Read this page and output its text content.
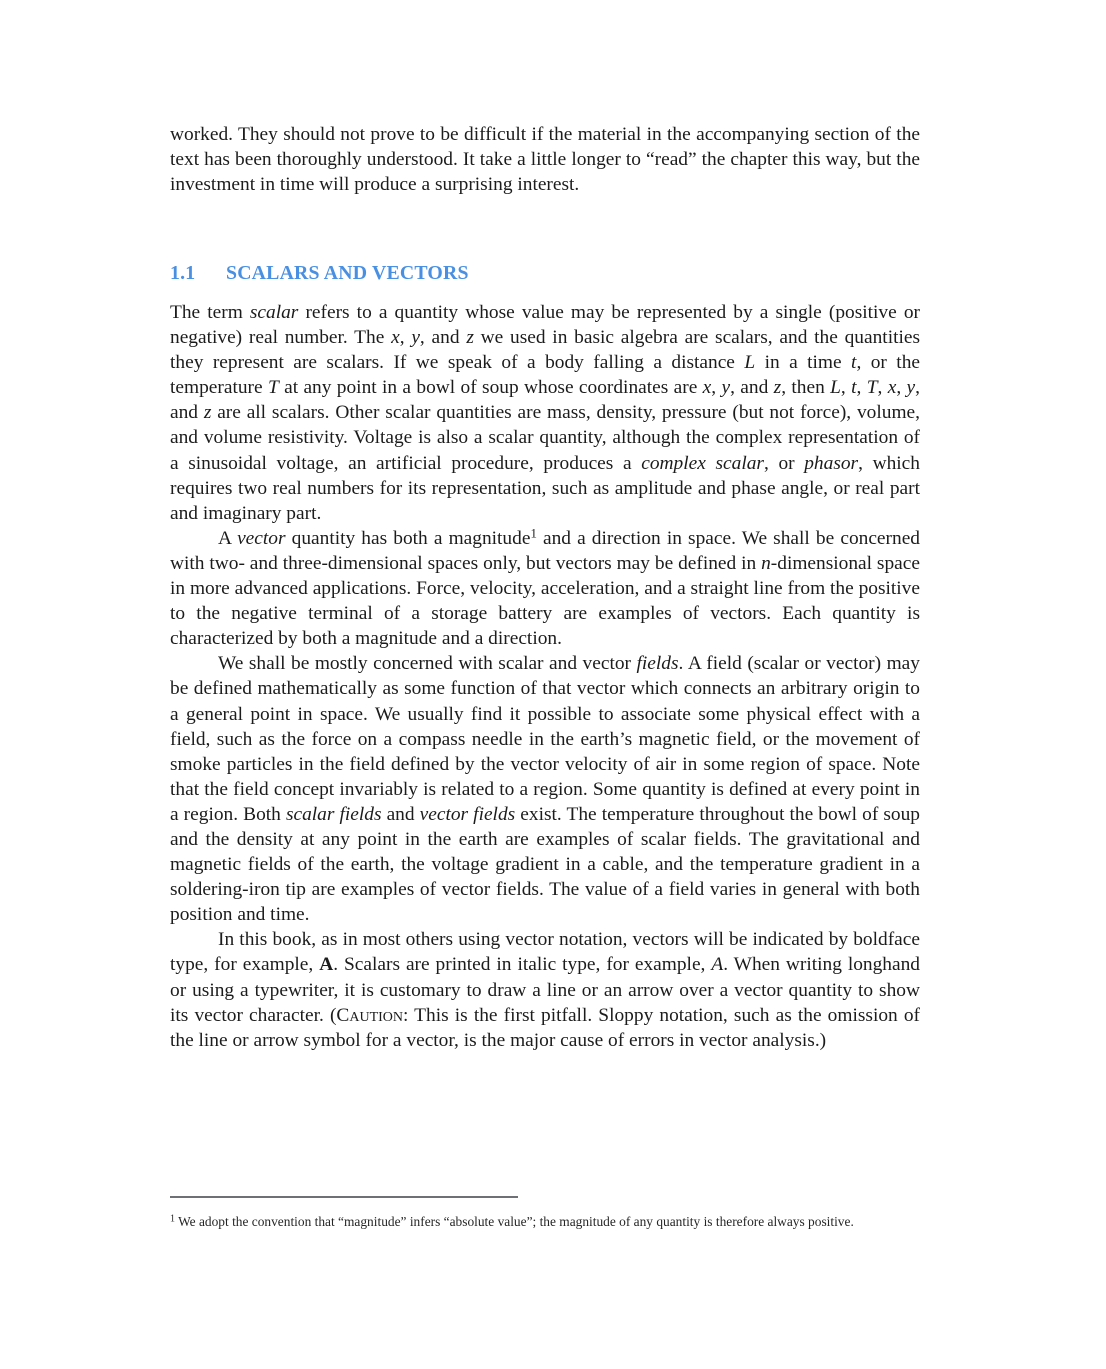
worked. They should not prove to be difficult if the material in the accompanying section of the text has been thoroughly understood. It take a little longer to “read” the chapter this way, but the investment in time will produce a surprising interest.

1.1 SCALARS AND VECTORS

The term scalar refers to a quantity whose value may be represented by a single (positive or negative) real number. The x, y, and z we used in basic algebra are scalars, and the quantities they represent are scalars. If we speak of a body falling a distance L in a time t, or the temperature T at any point in a bowl of soup whose coordinates are x, y, and z, then L, t, T, x, y, and z are all scalars. Other scalar quantities are mass, density, pressure (but not force), volume, and volume resistivity. Voltage is also a scalar quantity, although the complex representation of a sinusoidal voltage, an artificial procedure, produces a complex scalar, or phasor, which requires two real numbers for its representation, such as amplitude and phase angle, or real part and imaginary part.

A vector quantity has both a magnitude$^1$ and a direction in space. We shall be concerned with two- and three-dimensional spaces only, but vectors may be defined in n-dimensional space in more advanced applications. Force, velocity, acceleration, and a straight line from the positive to the negative terminal of a storage battery are examples of vectors. Each quantity is characterized by both a magnitude and a direction.

We shall be mostly concerned with scalar and vector fields. A field (scalar or vector) may be defined mathematically as some function of that vector which connects an arbitrary origin to a general point in space. We usually find it possible to associate some physical effect with a field, such as the force on a compass needle in the earth’s magnetic field, or the movement of smoke particles in the field defined by the vector velocity of air in some region of space. Note that the field concept invariably is related to a region. Some quantity is defined at every point in a region. Both scalar fields and vector fields exist. The temperature throughout the bowl of soup and the density at any point in the earth are examples of scalar fields. The gravitational and magnetic fields of the earth, the voltage gradient in a cable, and the temperature gradient in a soldering-iron tip are examples of vector fields. The value of a field varies in general with both position and time.

In this book, as in most others using vector notation, vectors will be indicated by boldface type, for example, A. Scalars are printed in italic type, for example, A. When writing longhand or using a typewriter, it is customary to draw a line or an arrow over a vector quantity to show its vector character. (Caution: This is the first pitfall. Sloppy notation, such as the omission of the line or arrow symbol for a vector, is the major cause of errors in vector analysis.)

$^1$ We adopt the convention that “magnitude” infers “absolute value”; the magnitude of any quantity is therefore always positive.
